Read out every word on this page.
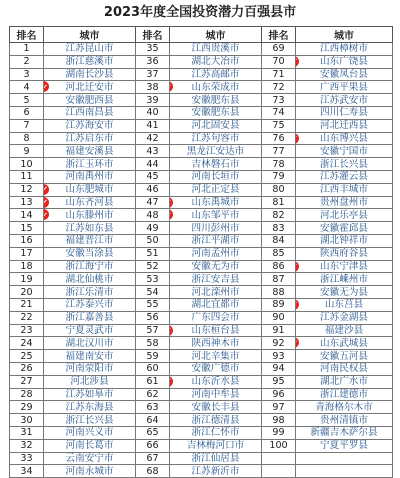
2023年度全国投资潜力百强县市
排名	城市	排名	城市	排名	城市
1	江苏昆山市	35	江西贵溪市	69	江西樟树市
2	浙江慈溪市	36	湖北大冶市	70	山东广饶县

3	湖南长沙县	37	江苏高邮市	71	安徽凤台县
4	河北迁安市	38	山东荣成市	72	广西平果县
5	安徽肥西县	39	安徽肥东县	73	江苏武安市
6	江西南昌县	40	安徽肥东县	74	四川仁寿县
7	江苏海安市	41	河北固安县	75	河北迁西县
8	江苏启东市	42	江苏句容市	76	山东博兴县

9	福建安溪县	43	黑龙江安达市	77	安徽宁国市
10	浙江玉环市	44	吉林磐石市	78	浙江长兴县
11	河南禹州市	45	河南长垣市	79	江苏灌云县
12	山东肥城市	46	河北正定县	80	江西丰城市
13	山东齐河县	47	山东禹城市	81	贵州盘州市
14	山东滕州市	48	山东邹平市	82	河北乐亭县
15	江苏如东县	49	四川彭州市	83	安徽霍邱县
16	福建晋江市	50	浙江平湖市	84	湖北钟祥市
17	安徽当涂县	51	河南孟州市	85	陕西府谷县
18	浙江海宁市	52	安徽无为市	86	山东宁津县

19	湖北仙桃市	53	浙江安吉县	87	浙江嵊州市
20	浙江乐清市	54	河北滦州市	88	安徽无为县
21	江苏泰兴市	55	湖北宜都市	89	山东莒县

22	浙江嘉善县	56	广东四会市	90	江苏金湖县
23	宁夏灵武市	57	山东桓台县	91	福建沙县
24	湖北汉川市	58	陕西神木市	92	山东武城县

25	福建南安市	59	河北辛集市	93	安徽五河县
26	河南荥阳市	60	安徽广德市	94	河南民权县
27	河北涉县	61	山东沂水县	95	湖北广水市
28	江苏如皋市	62	河南中牟县	96	浙江建德市
29	江苏东海县	63	安徽长丰县	97	青海格尔木市
30	浙江长兴县	64	浙江德清县	98	贵州清镇市
31	河南兴义市	65	浙江仁怀市	99	新疆吉木萨尔县
32	河南长葛市	66	吉林梅河口市	100	宁夏平罗县
33	云南安宁市	67	浙江仙居县		
34	河南永城市	68	江苏新沂市		
